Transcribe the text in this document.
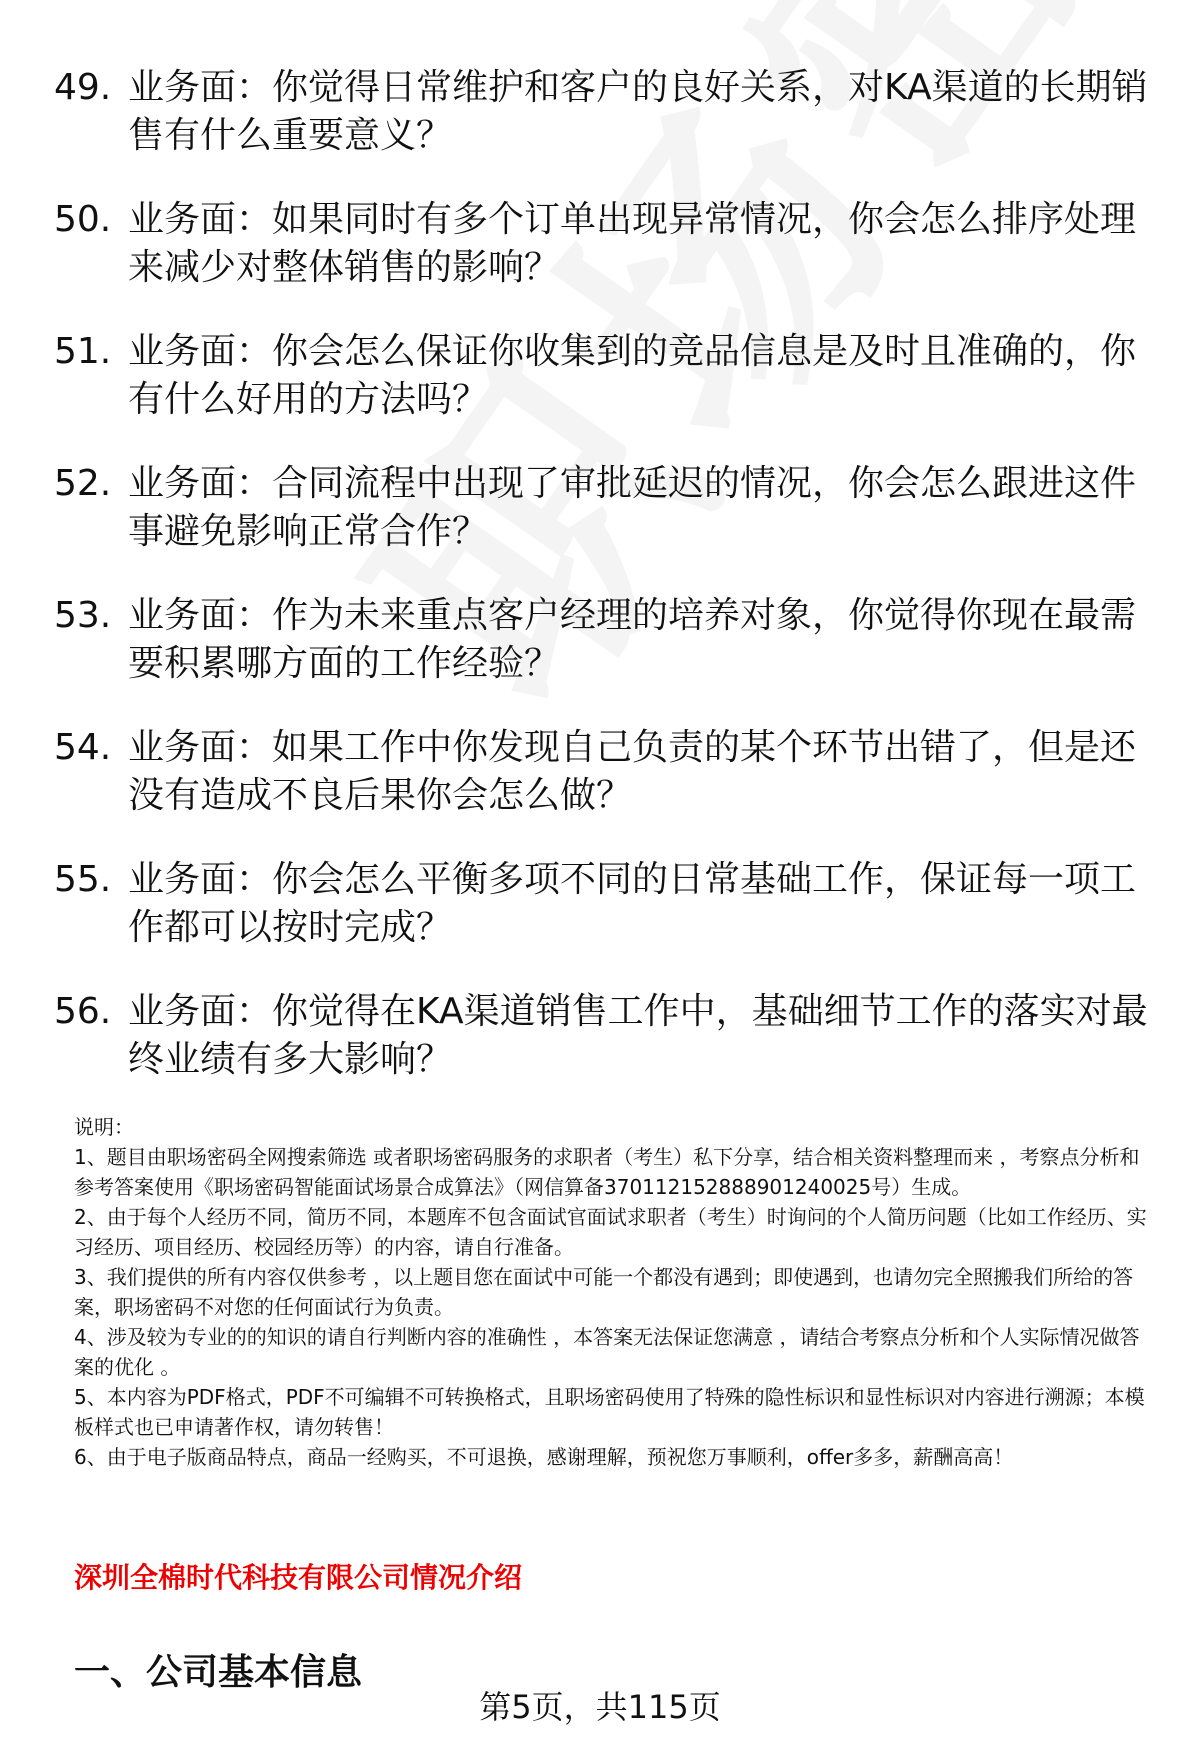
49. 业务面：你觉得日常维护和客户的良好关系，对KA渠道的长期销售有什么重要意义？
50. 业务面：如果同时有多个订单出现异常情况，你会怎么排序处理来减少对整体销售的影响？
51. 业务面：你会怎么保证你收集到的竞品信息是及时且准确的，你有什么好用的方法吗？
52. 业务面：合同流程中出现了审批延迟的情况，你会怎么跟进这件事避免影响正常合作？
53. 业务面：作为未来重点客户经理的培养对象，你觉得你现在最需要积累哪方面的工作经验？
54. 业务面：如果工作中你发现自己负责的某个环节出错了，但是还没有造成不良后果你会怎么做？
55. 业务面：你会怎么平衡多项不同的日常基础工作，保证每一项工作都可以按时完成？
56. 业务面：你觉得在KA渠道销售工作中，基础细节工作的落实对最终业绩有多大影响？
说明：
1、题目由职场密码全网搜索筛选 或者职场密码服务的求职者（考生）私下分享，结合相关资料整理而来 ，考察点分析和参考答案使用《职场密码智能面试场景合成算法》（网信算备370112152888901240025号）生成。
2、由于每个人经历不同，简历不同，本题库不包含面试官面试求职者（考生）时询问的个人简历问题（比如工作经历、实习经历、项目经历、校园经历等）的内容，请自行准备。
3、我们提供的所有内容仅供参考 ，以上题目您在面试中可能一个都没有遇到；即使遇到，也请勿完全照搬我们所给的答案，职场密码不对您的任何面试行为负责。
4、涉及较为专业的的知识的请自行判断内容的准确性 ，本答案无法保证您满意 ，请结合考察点分析和个人实际情况做答案的优化 。
5、本内容为PDF格式，PDF不可编辑不可转换格式，且职场密码使用了特殊的隐性标识和显性标识对内容进行溯源；本模板样式也已申请著作权，请勿转售！
6、由于电子版商品特点，商品一经购买，不可退换，感谢理解，预祝您万事顺利，offer多多，薪酬高高！
深圳全棉时代科技有限公司情况介绍
一、公司基本信息
第5页，共115页
